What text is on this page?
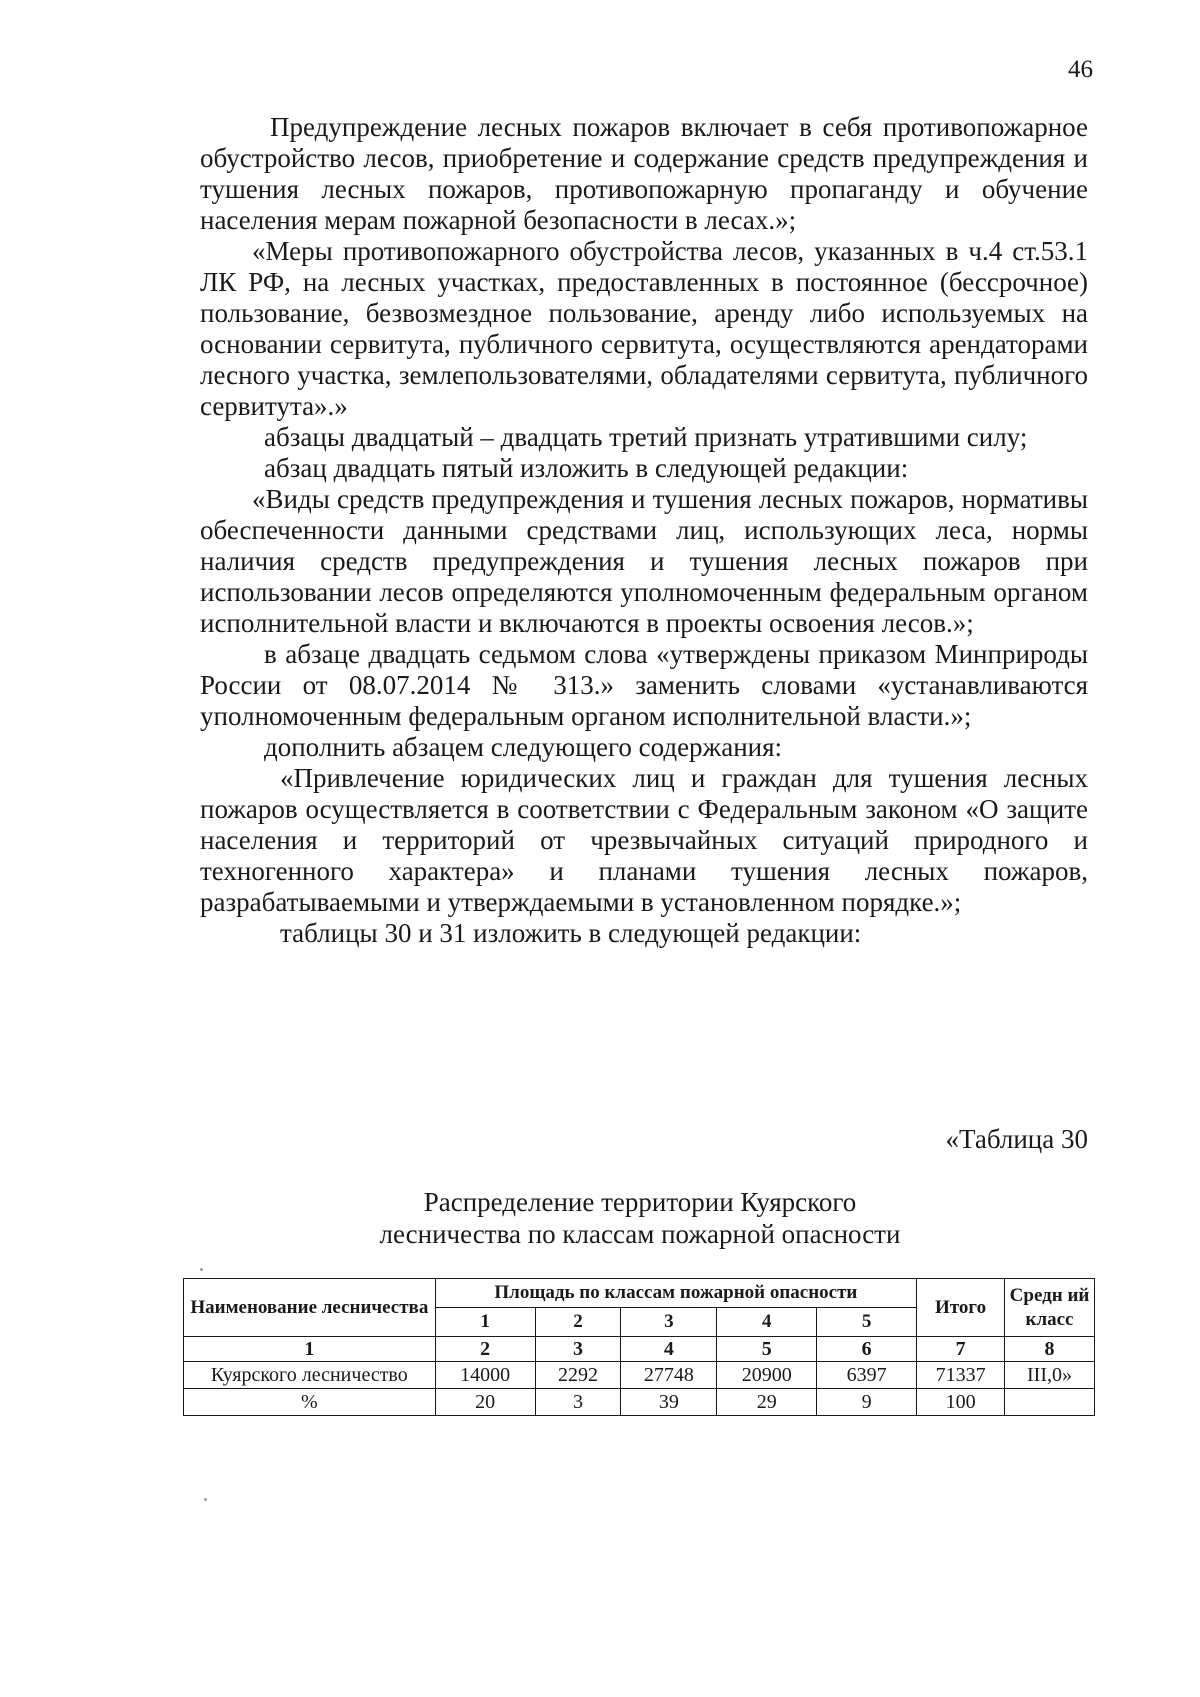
46

Предупреждение лесных пожаров включает в себя противопожарное обустройство лесов, приобретение и содержание средств предупреждения и тушения лесных пожаров, противопожарную пропаганду и обучение населения мерам пожарной безопасности в лесах.»;

«Меры противопожарного обустройства лесов, указанных в ч.4 ст.53.1 ЛК РФ, на лесных участках, предоставленных в постоянное (бессрочное) пользование, безвозмездное пользование, аренду либо используемых на основании сервитута, публичного сервитута, осуществляются арендаторами лесного участка, землепользователями, обладателями сервитута, публичного сервитута».»

абзацы двадцатый – двадцать третий признать утратившими силу;

абзац двадцать пятый изложить в следующей редакции:

«Виды средств предупреждения и тушения лесных пожаров, нормативы обеспеченности данными средствами лиц, использующих леса, нормы наличия средств предупреждения и тушения лесных пожаров при использовании лесов определяются уполномоченным федеральным органом исполнительной власти и включаются в проекты освоения лесов.»;

в абзаце двадцать седьмом слова «утверждены приказом Минприроды России от 08.07.2014 № 313.» заменить словами «устанавливаются уполномоченным федеральным органом исполнительной власти.»;

дополнить абзацем следующего содержания:

«Привлечение юридических лиц и граждан для тушения лесных пожаров осуществляется в соответствии с Федеральным законом «О защите населения и территорий от чрезвычайных ситуаций природного и техногенного характера» и планами тушения лесных пожаров, разрабатываемыми и утверждаемыми в установленном порядке.»;

таблицы 30 и 31 изложить в следующей редакции:

«Таблица 30
Распределение территории Куярского
лесничества по классам пожарной опасности
Наименование лесничества	Площадь по классам пожарной опасности					Итого	Средн ий класс
	1	2	3	4	5		
1	2	3	4	5	6	7	8
Куярского лесничество	14000	2292	27748	20900	6397	71337	III,0»
%	20	3	39	29	9	100	
